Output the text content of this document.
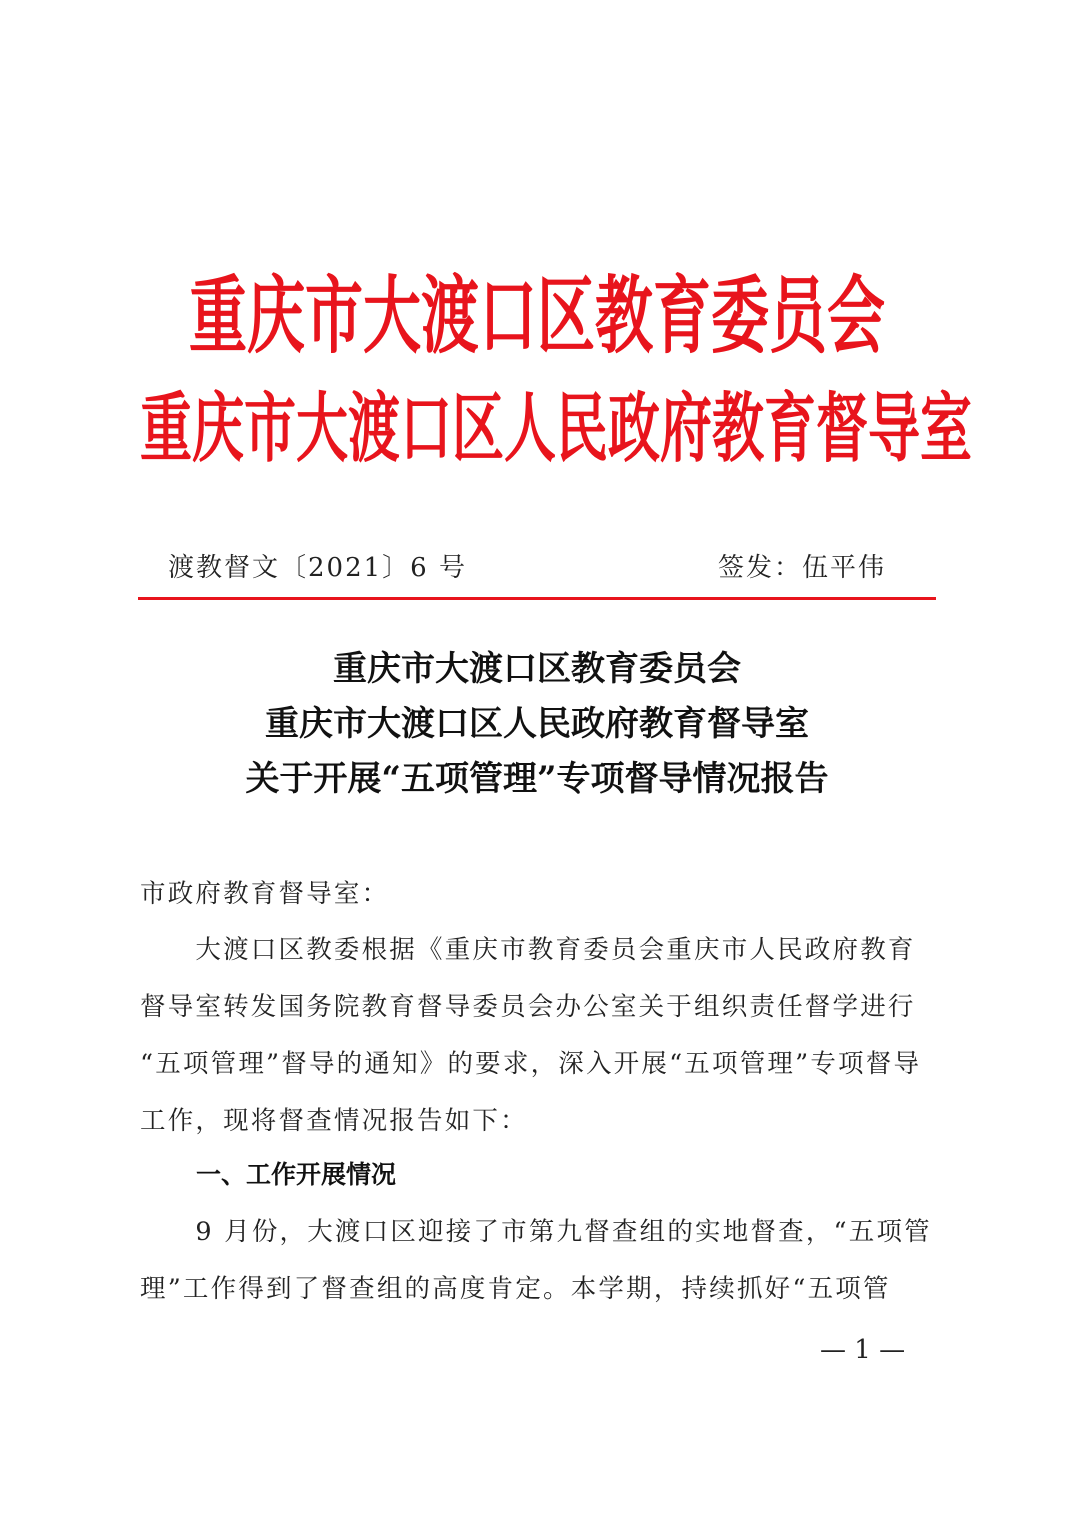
重庆市大渡口区教育委员会
重庆市大渡口区人民政府教育督导室
渡教督文〔2021〕6 号	签发：伍平伟
重庆市大渡口区教育委员会
重庆市大渡口区人民政府教育督导室
关于开展“五项管理”专项督导情况报告
市政府教育督导室：
　　大渡口区教委根据《重庆市教育委员会重庆市人民政府教育
督导室转发国务院教育督导委员会办公室关于组织责任督学进行
“五项管理”督导的通知》的要求，深入开展“五项管理”专项督导
工作，现将督查情况报告如下：
一、工作开展情况
　　9 月份，大渡口区迎接了市第九督查组的实地督查，“五项管
理”工作得到了督查组的高度肯定。本学期，持续抓好“五项管
— 1 —
